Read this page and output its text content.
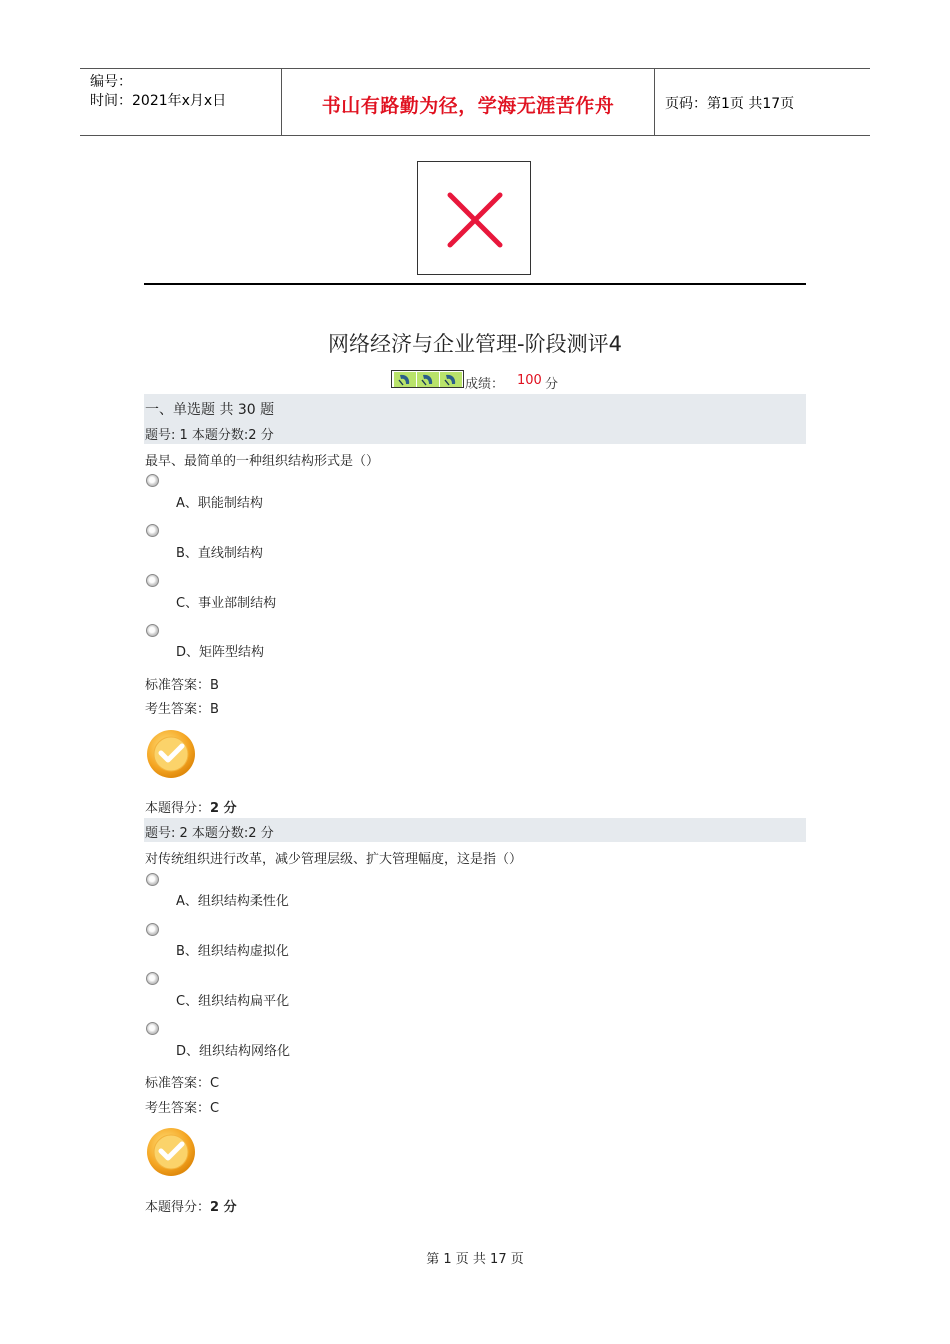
编号：
时间：2021年x月x日	书山有路勤为径，学海无涯苦作舟	页码：第1页 共17页
网络经济与企业管理-阶段测评4
成绩： 100 分
一、单选题 共 30 题
题号: 1 本题分数:2 分
最早、最简单的一种组织结构形式是（）
A、职能制结构
B、直线制结构
C、事业部制结构
D、矩阵型结构
标准答案：B
考生答案：B
本题得分：2 分
题号: 2 本题分数:2 分
对传统组织进行改革，减少管理层级、扩大管理幅度，这是指（）
A、组织结构柔性化
B、组织结构虚拟化
C、组织结构扁平化
D、组织结构网络化
标准答案：C
考生答案：C
本题得分：2 分
第 1 页 共 17 页
